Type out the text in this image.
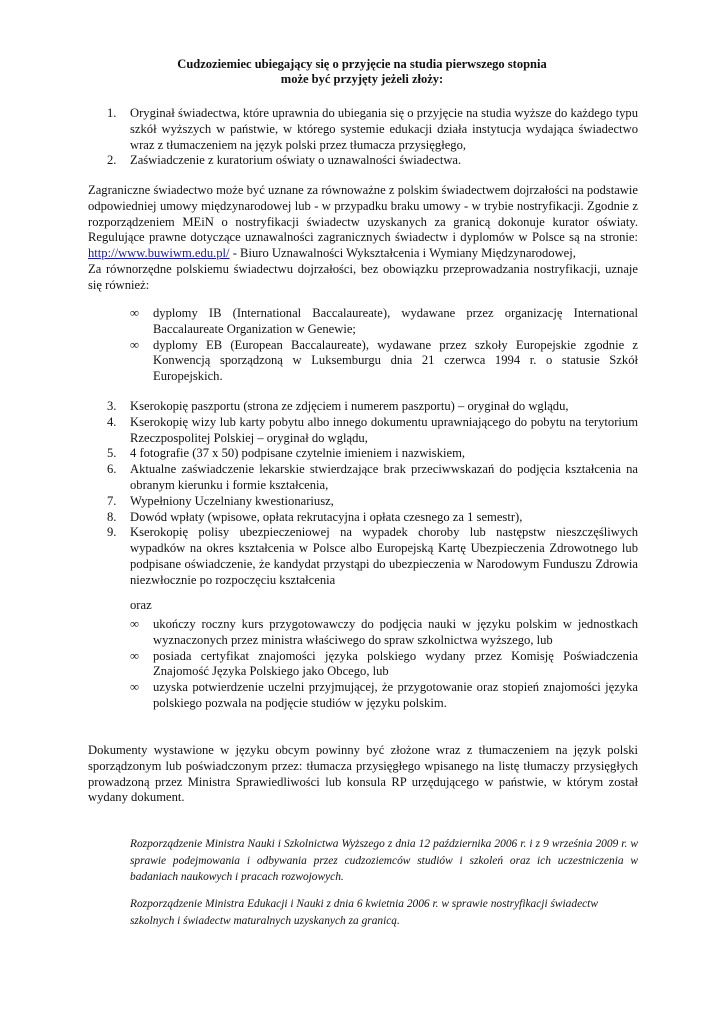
Cudzoziemiec ubiegający się o przyjęcie na studia pierwszego stopnia
może być przyjęty jeżeli złoży:
1. Oryginał świadectwa, które uprawnia do ubiegania się o przyjęcie na studia wyższe do każdego typu szkół wyższych w państwie, w którego systemie edukacji działa instytucja wydająca świadectwo wraz z tłumaczeniem na język polski przez tłumacza przysięgłego,

2. Zaświadczenie z kuratorium oświaty o uznawalności świadectwa.

Zagraniczne świadectwo może być uznane za równoważne z polskim świadectwem dojrzałości na podstawie odpowiedniej umowy międzynarodowej lub - w przypadku braku umowy - w trybie nostryfikacji. Zgodnie z rozporządzeniem MEiN o nostryfikacji świadectw uzyskanych za granicą dokonuje kurator oświaty. Regulujące prawne dotyczące uznawalności zagranicznych świadectw i dyplomów w Polsce są na stronie: http://www.buwiwm.edu.pl/ - Biuro Uznawalności Wykształcenia i Wymiany Międzynarodowej,

Za równorzędne polskiemu świadectwu dojrzałości, bez obowiązku przeprowadzania nostryfikacji, uznaje się również:

∞ dyplomy IB (International Baccalaureate), wydawane przez organizację International Baccalaureate Organization w Genewie;

∞ dyplomy EB (European Baccalaureate), wydawane przez szkoły Europejskie zgodnie z Konwencją sporządzoną w Luksemburgu dnia 21 czerwca 1994 r. o statusie Szkół Europejskich.

3. Kserokopię paszportu (strona ze zdjęciem i numerem paszportu) – oryginał do wglądu,

4. Kserokopię wizy lub karty pobytu albo innego dokumentu uprawniającego do pobytu na terytorium Rzeczpospolitej Polskiej – oryginał do wglądu,

5. 4 fotografie (37 x 50) podpisane czytelnie imieniem i nazwiskiem,

6. Aktualne zaświadczenie lekarskie stwierdzające brak przeciwwskazań do podjęcia kształcenia na obranym kierunku i formie kształcenia,

7. Wypełniony Uczelniany kwestionariusz,

8. Dowód wpłaty (wpisowe, opłata rekrutacyjna i opłata czesnego za 1 semestr),

9. Kserokopię polisy ubezpieczeniowej na wypadek choroby lub następstw nieszczęśliwych wypadków na okres kształcenia w Polsce albo Europejską Kartę Ubezpieczenia Zdrowotnego lub podpisane oświadczenie, że kandydat przystąpi do ubezpieczenia w Narodowym Funduszu Zdrowia niezwłocznie po rozpoczęciu kształcenia

oraz
∞ ukończy roczny kurs przygotowawczy do podjęcia nauki w języku polskim w jednostkach wyznaczonych przez ministra właściwego do spraw szkolnictwa wyższego, lub

∞ posiada certyfikat znajomości języka polskiego wydany przez Komisję Poświadczenia Znajomość Języka Polskiego jako Obcego, lub

∞ uzyska potwierdzenie uczelni przyjmującej, że przygotowanie oraz stopień znajomości języka polskiego pozwala na podjęcie studiów w języku polskim.

Dokumenty wystawione w języku obcym powinny być złożone wraz z tłumaczeniem na język polski sporządzonym lub poświadczonym przez: tłumacza przysięgłego wpisanego na listę tłumaczy przysięgłych prowadzoną przez Ministra Sprawiedliwości lub konsula RP urzędującego w państwie, w którym został wydany dokument.
Rozporządzenie Ministra Nauki i Szkolnictwa Wyższego z dnia 12 października 2006 r. i z 9 września 2009 r. w sprawie podejmowania i odbywania przez cudzoziemców studiów i szkoleń oraz ich uczestniczenia w badaniach naukowych i pracach rozwojowych.
Rozporządzenie Ministra Edukacji i Nauki z dnia 6 kwietnia 2006 r. w sprawie nostryfikacji świadectw szkolnych i świadectw maturalnych uzyskanych za granicą.
